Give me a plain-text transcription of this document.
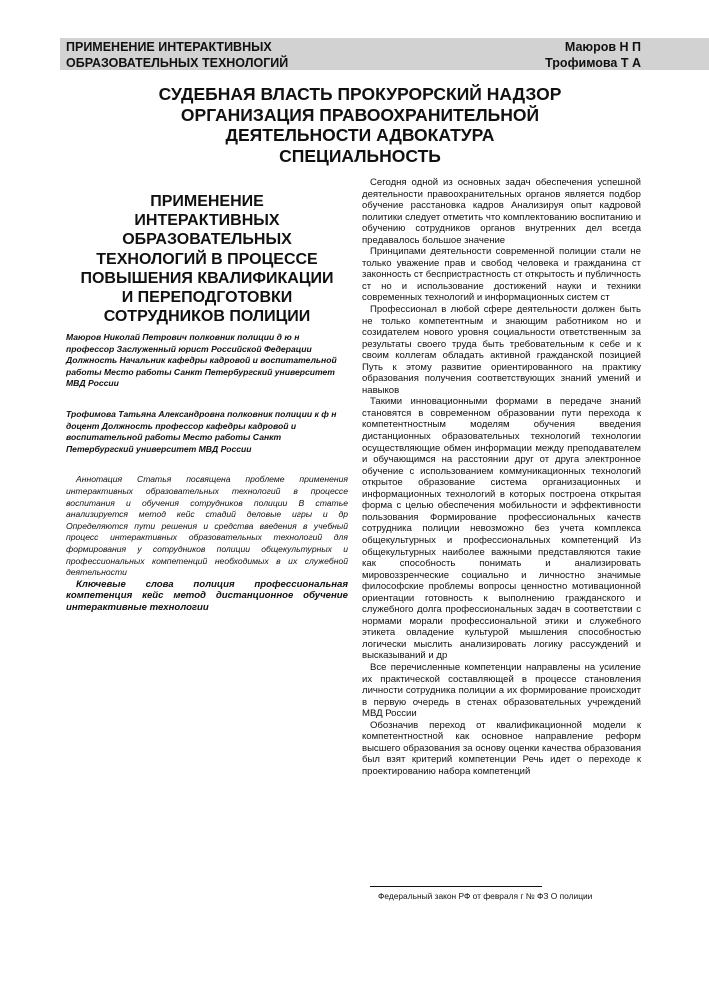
ПРИМЕНЕНИЕ ИНТЕРАКТИВНЫХ
ОБРАЗОВАТЕЛЬНЫХ ТЕХНОЛОГИЙ
Маюров Н П
Трофимова Т А
СУДЕБНАЯ ВЛАСТЬ ПРОКУРОРСКИЙ НАДЗОР
ОРГАНИЗАЦИЯ ПРАВООХРАНИТЕЛЬНОЙ
ДЕЯТЕЛЬНОСТИ АДВОКАТУРА
СПЕЦИАЛЬНОСТЬ
ПРИМЕНЕНИЕ
ИНТЕРАКТИВНЫХ
ОБРАЗОВАТЕЛЬНЫХ
ТЕХНОЛОГИЙ В ПРОЦЕССЕ
ПОВЫШЕНИЯ КВАЛИФИКАЦИИ
И ПЕРЕПОДГОТОВКИ
СОТРУДНИКОВ ПОЛИЦИИ

Маюров Николай Петрович полковник полиции д ю н профессор Заслуженный юрист Российской Федерации Должность Начальник кафедры кадровой и воспитательной работы Место работы Санкт Петербургский университет МВД России

Трофимова Татьяна Александровна полковник полиции к ф н доцент Должность профессор кафедры кадровой и воспитательной работы Место работы Санкт Петербургский университет МВД России

Аннотация Статья посвящена проблеме применения интерактивных образовательных технологий в процессе воспитания и обучения сотрудников полиции В статье анализируется метод кейс стадий деловые игры и др Определяются пути решения и средства введения в учебный процесс интерактивных образовательных технологий для формирования у сотрудников полиции общекультурных и профессиональных компетенций необходимых в их служебной деятельности

Ключевые слова полиция профессиональная компетенция кейс метод дистанционное обучение интерактивные технологии

Сегодня одной из основных задач обеспечения успешной деятельности правоохранительных органов является подбор обучение расстановка кадров Анализируя опыт кадровой политики следует отметить что комплектованию воспитанию и обучению сотрудников органов внутренних дел всегда предавалось большое значение

Принципами деятельности современной полиции стали не только уважение прав и свобод человека и гражданина ст законность ст беспристрастность ст открытость и публичность ст но и использование достижений науки и техники современных технологий и информационных систем ст

Профессионал в любой сфере деятельности должен быть не только компетентным и знающим работником но и созидателем нового уровня социальности ответственным за результаты своего труда быть требовательным к себе и к своим коллегам обладать активной гражданской позицией Путь к этому развитие ориентированного на практику образования получения соответствующих знаний умений и навыков

Такими инновационными формами в передаче знаний становятся в современном образовании пути перехода к компетентностным моделям обучения введения дистанционных образовательных технологий технологии осуществляющие обмен информации между преподавателем и обучающимся на расстоянии друг от друга электронное обучение с использованием коммуникационных технологий открытое образование система организационных и информационных технологий в которых построена открытая форма с целью обеспечения мобильности и эффективности пользования Формирование профессиональных качеств сотрудника полиции невозможно без учета комплекса общекультурных и профессиональных компетенций Из общекультурных наиболее важными представляются такие как способность понимать и анализировать мировоззренческие социально и личностно значимые философские проблемы вопросы ценностно мотивационной ориентации готовность к выполнению гражданского и служебного долга профессиональных задач в соответствии с нормами морали профессиональной этики и служебного этикета овладение культурой мышления способностью логически мыслить анализировать логику рассуждений и высказываний и др

Все перечисленные компетенции направлены на усиление их практической составляющей в процессе становления личности сотрудника полиции а их формирование происходит в первую очередь в стенах образовательных учреждений МВД России

Обозначив переход от квалификационной модели к компетентностной как основное направление реформ высшего образования за основу оценки качества образования был взят критерий компетенции Речь идет о переходе к проектированию набора компетенций

Федеральный закон РФ от февраля г № ФЗ О полиции
